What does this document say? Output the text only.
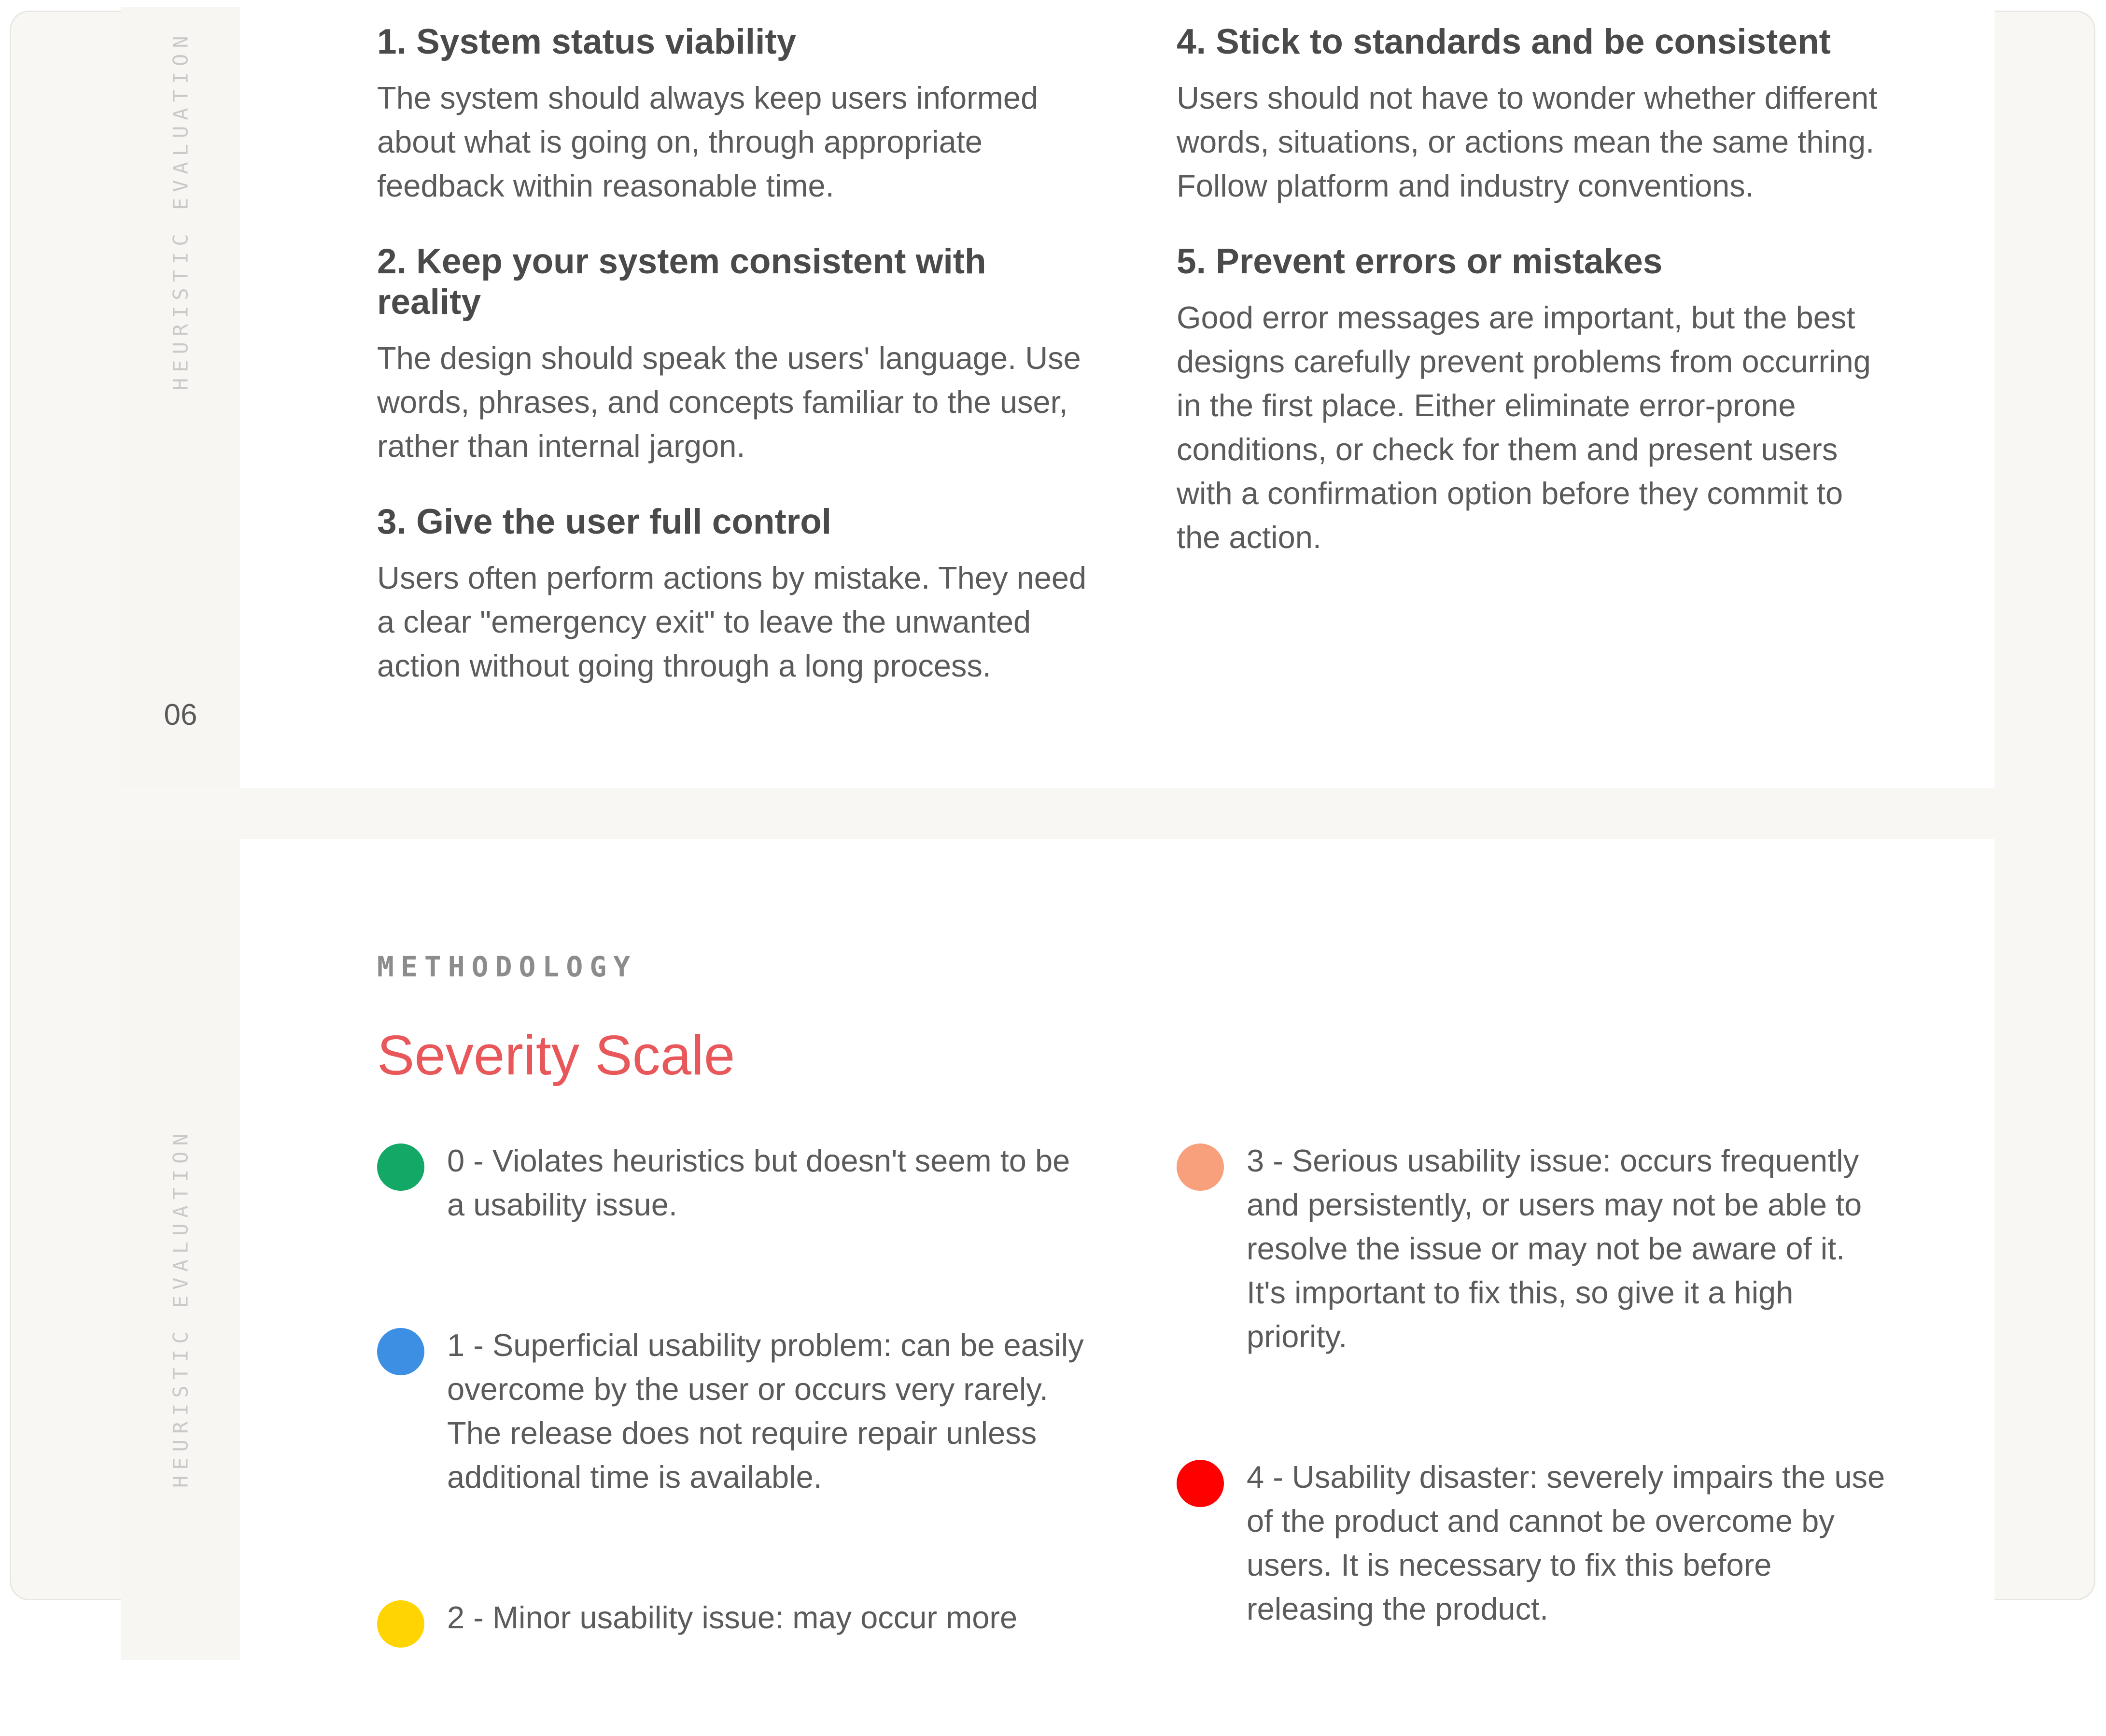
HEURISTIC EVALUATION
06
1. System status viability

The system should always keep users informed about what is going on, through appropriate feedback within reasonable time.

2. Keep your system consistent with reality

The design should speak the users' language. Use words, phrases, and concepts familiar to the user, rather than internal jargon.

3. Give the user full control

Users often perform actions by mistake. They need a clear "emergency exit" to leave the unwanted action without going through a long process.

4. Stick to standards and be consistent

Users should not have to wonder whether different words, situations, or actions mean the same thing. Follow platform and industry conventions.

5. Prevent errors or mistakes

Good error messages are important, but the best designs carefully prevent problems from occurring in the first place. Either eliminate error-prone conditions, or check for them and present users with a confirmation option before they commit to the action.

HEURISTIC EVALUATION
METHODOLOGY
Severity Scale

0 - Violates heuristics but doesn't seem to be a usability issue.

1 - Superficial usability problem: can be easily overcome by the user or occurs very rarely. The release does not require repair unless additional time is available.

2 - Minor usability issue: may occur more

3 - Serious usability issue: occurs frequently and persistently, or users may not be able to resolve the issue or may not be aware of it. It's important to fix this, so give it a high priority.

4 - Usability disaster: severely impairs the use of the product and cannot be overcome by users. It is necessary to fix this before releasing the product.
